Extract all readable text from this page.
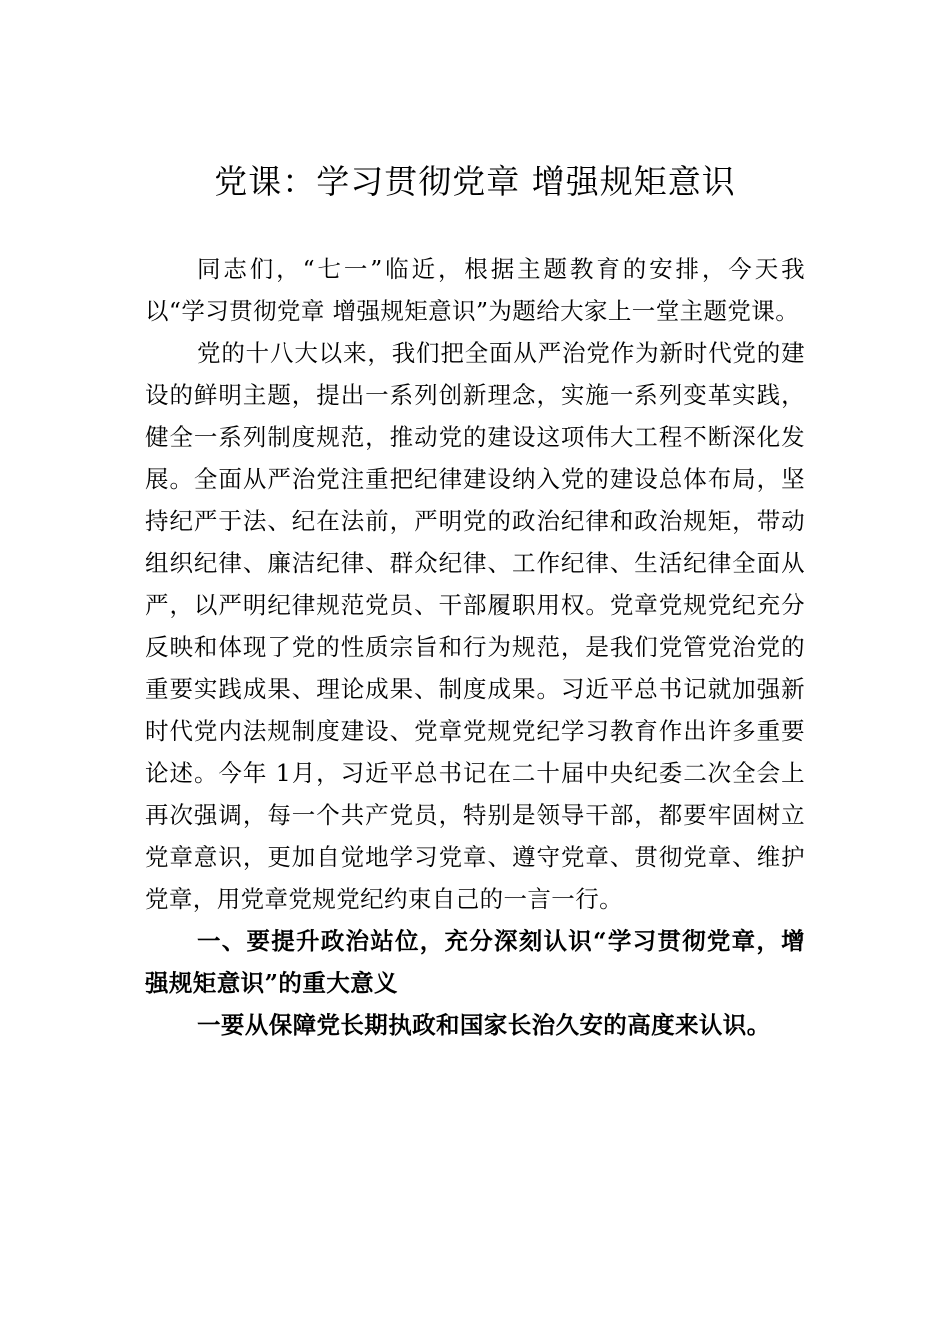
党课：学习贯彻党章 增强规矩意识

同志们，“七一”临近，根据主题教育的安排，今天我以“学习贯彻党章 增强规矩意识”为题给大家上一堂主题党课。

党的十八大以来，我们把全面从严治党作为新时代党的建设的鲜明主题，提出一系列创新理念，实施一系列变革实践，健全一系列制度规范，推动党的建设这项伟大工程不断深化发展。全面从严治党注重把纪律建设纳入党的建设总体布局，坚持纪严于法、纪在法前，严明党的政治纪律和政治规矩，带动组织纪律、廉洁纪律、群众纪律、工作纪律、生活纪律全面从严，以严明纪律规范党员、干部履职用权。党章党规党纪充分反映和体现了党的性质宗旨和行为规范，是我们党管党治党的重要实践成果、理论成果、制度成果。习近平总书记就加强新时代党内法规制度建设、党章党规党纪学习教育作出许多重要论述。今年 1月，习近平总书记在二十届中央纪委二次全会上再次强调，每一个共产党员，特别是领导干部，都要牢固树立党章意识，更加自觉地学习党章、遵守党章、贯彻党章、维护党章，用党章党规党纪约束自己的一言一行。

一、要提升政治站位，充分深刻认识“学习贯彻党章，增强规矩意识”的重大意义

一要从保障党长期执政和国家长治久安的高度来认识。
